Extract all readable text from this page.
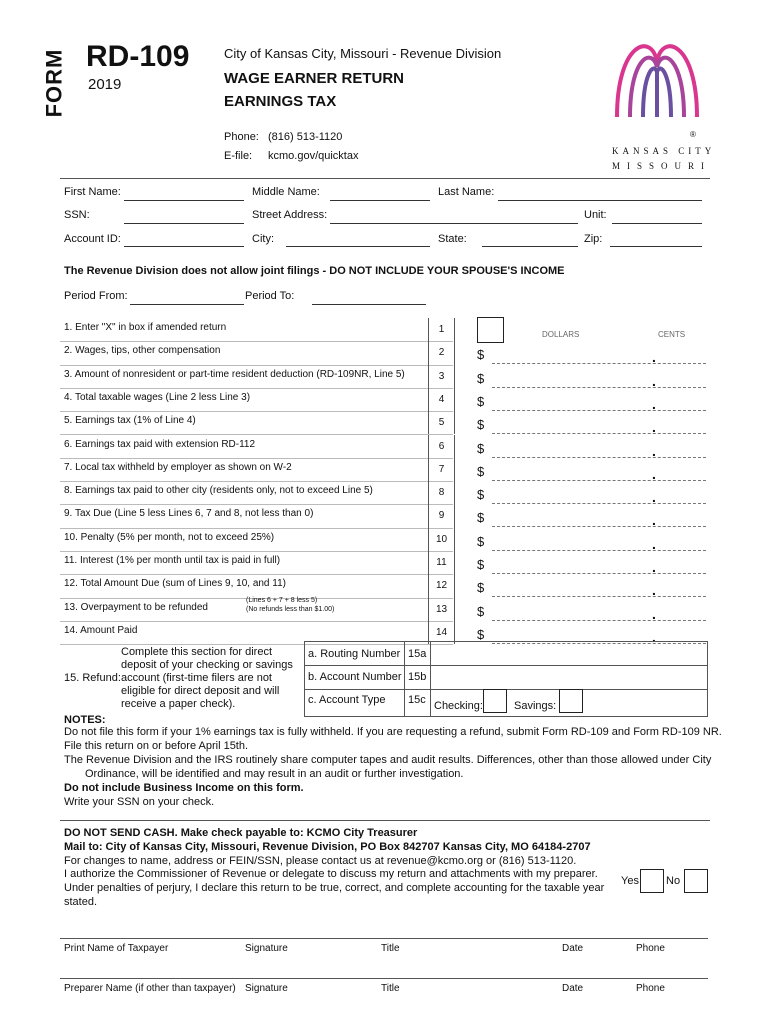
FORM RD-109
2019
City of Kansas City, Missouri - Revenue Division
WAGE EARNER RETURN
EARNINGS TAX
Phone: (816) 513-1120
E-file: kcmo.gov/quicktax
®
KANSAS CITY
MISSOURI
First Name:	Middle Name:	Last Name:
SSN:	Street Address:	Unit:
Account ID:	City:	State:	Zip:
The Revenue Division does not allow joint filings - DO NOT INCLUDE YOUR SPOUSE'S INCOME
Period From:	Period To:
1. Enter "X" in box if amended return	1
2. Wages, tips, other compensation	2	$	.
3. Amount of nonresident or part-time resident deduction (RD-109NR, Line 5)	3	$	.
4. Total taxable wages (Line 2 less Line 3)	4	$	.
5. Earnings tax (1% of Line 4)	5	$	.
6. Earnings tax paid with extension RD-112	6	$	.
7. Local tax withheld by employer as shown on W-2	7	$	.
8. Earnings tax paid to other city (residents only, not to exceed Line 5)	8	$	.
9. Tax Due (Line 5 less Lines 6, 7 and 8, not less than 0)	9	$	.
10. Penalty (5% per month, not to exceed 25%)	10	$	.
11. Interest (1% per month until tax is paid in full)	11	$	.
12. Total Amount Due (sum of Lines 9, 10, and 11)	12	$	.
13. Overpayment to be refunded	13	$	.
14. Amount Paid	14	$	.
DOLLARS	CENTS
(Lines 6 + 7 + 8 less 5)
(No refunds less than $1.00)
15. Refund:
Complete this section for direct
deposit of your checking or savings
account (first-time filers are not
eligible for direct deposit and will
receive a paper check).
a. Routing Number 15a
b. Account Number 15b
c. Account Type 15c Checking:	Savings:
NOTES:
Do not file this form if your 1% earnings tax is fully withheld. If you are requesting a refund, submit Form RD-109 and Form RD-109 NR.
File this return on or before April 15th.
The Revenue Division and the IRS routinely share computer tapes and audit results. Differences, other than those allowed under City
Ordinance, will be identified and may result in an audit or further investigation.
Do not include Business Income on this form.
Write your SSN on your check.
DO NOT SEND CASH. Make check payable to: KCMO City Treasurer
Mail to: City of Kansas City, Missouri, Revenue Division, PO Box 842707 Kansas City, MO 64184-2707
For changes to name, address or FEIN/SSN, please contact us at revenue@kcmo.org or (816) 513-1120.
I authorize the Commissioner of Revenue or delegate to discuss my return and attachments with my preparer.
Under penalties of perjury, I declare this return to be true, correct, and complete accounting for the taxable year
stated.
Yes No
Print Name of Taxpayer	Signature	Title	Date	Phone
Preparer Name (if other than taxpayer) Signature	Title	Date	Phone
